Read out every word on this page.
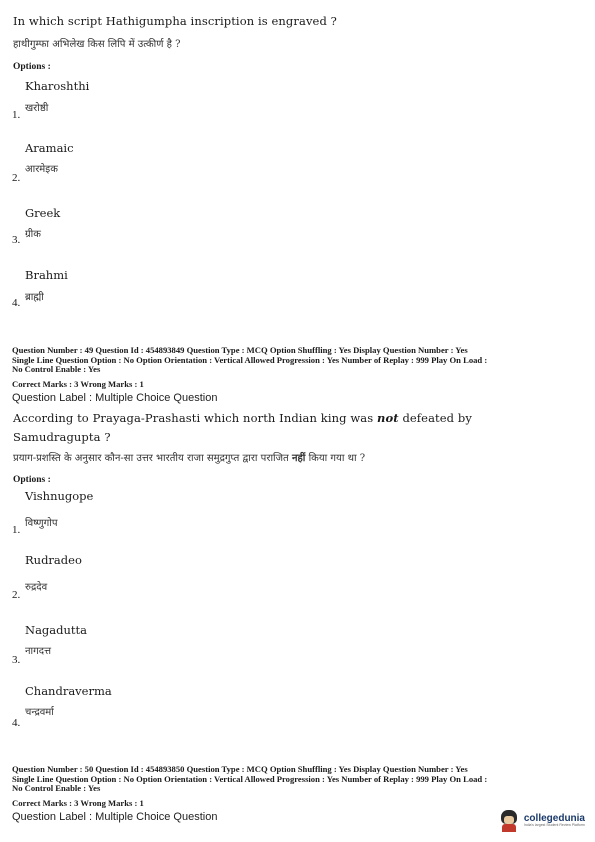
In which script Hathigumpha inscription is engraved ?
हाथीगुम्फा अभिलेख किस लिपि में उत्कीर्ण है ?
Options :
Kharoshthi
खरोष्ठी
1.
Aramaic
आरमेइक
2.
Greek
ग्रीक
3.
Brahmi
ब्राह्मी
4.
Question Number : 49 Question Id : 454893849 Question Type : MCQ Option Shuffling : Yes Display Question Number : Yes
Single Line Question Option : No Option Orientation : Vertical Allowed Progression : Yes Number of Replay : 999 Play On Load :
No Control Enable : Yes
Correct Marks : 3 Wrong Marks : 1
Question Label : Multiple Choice Question
According to Prayaga-Prashasti which north Indian king was not defeated by
Samudragupta ?
प्रयाग-प्रशस्ति के अनुसार कौन-सा उत्तर भारतीय राजा समुद्रगुप्त द्वारा पराजित नहीं किया गया था ?
Options :
Vishnugope
विष्णुगोप
1.
Rudradeo
रुद्रदेव
2.
Nagadutta
नागदत्त
3.
Chandraverma
चन्द्रवर्मा
4.
Question Number : 50 Question Id : 454893850 Question Type : MCQ Option Shuffling : Yes Display Question Number : Yes
Single Line Question Option : No Option Orientation : Vertical Allowed Progression : Yes Number of Replay : 999 Play On Load :
No Control Enable : Yes
Correct Marks : 3 Wrong Marks : 1
Question Label : Multiple Choice Question	collegedunia
India's largest Student Review Platform
